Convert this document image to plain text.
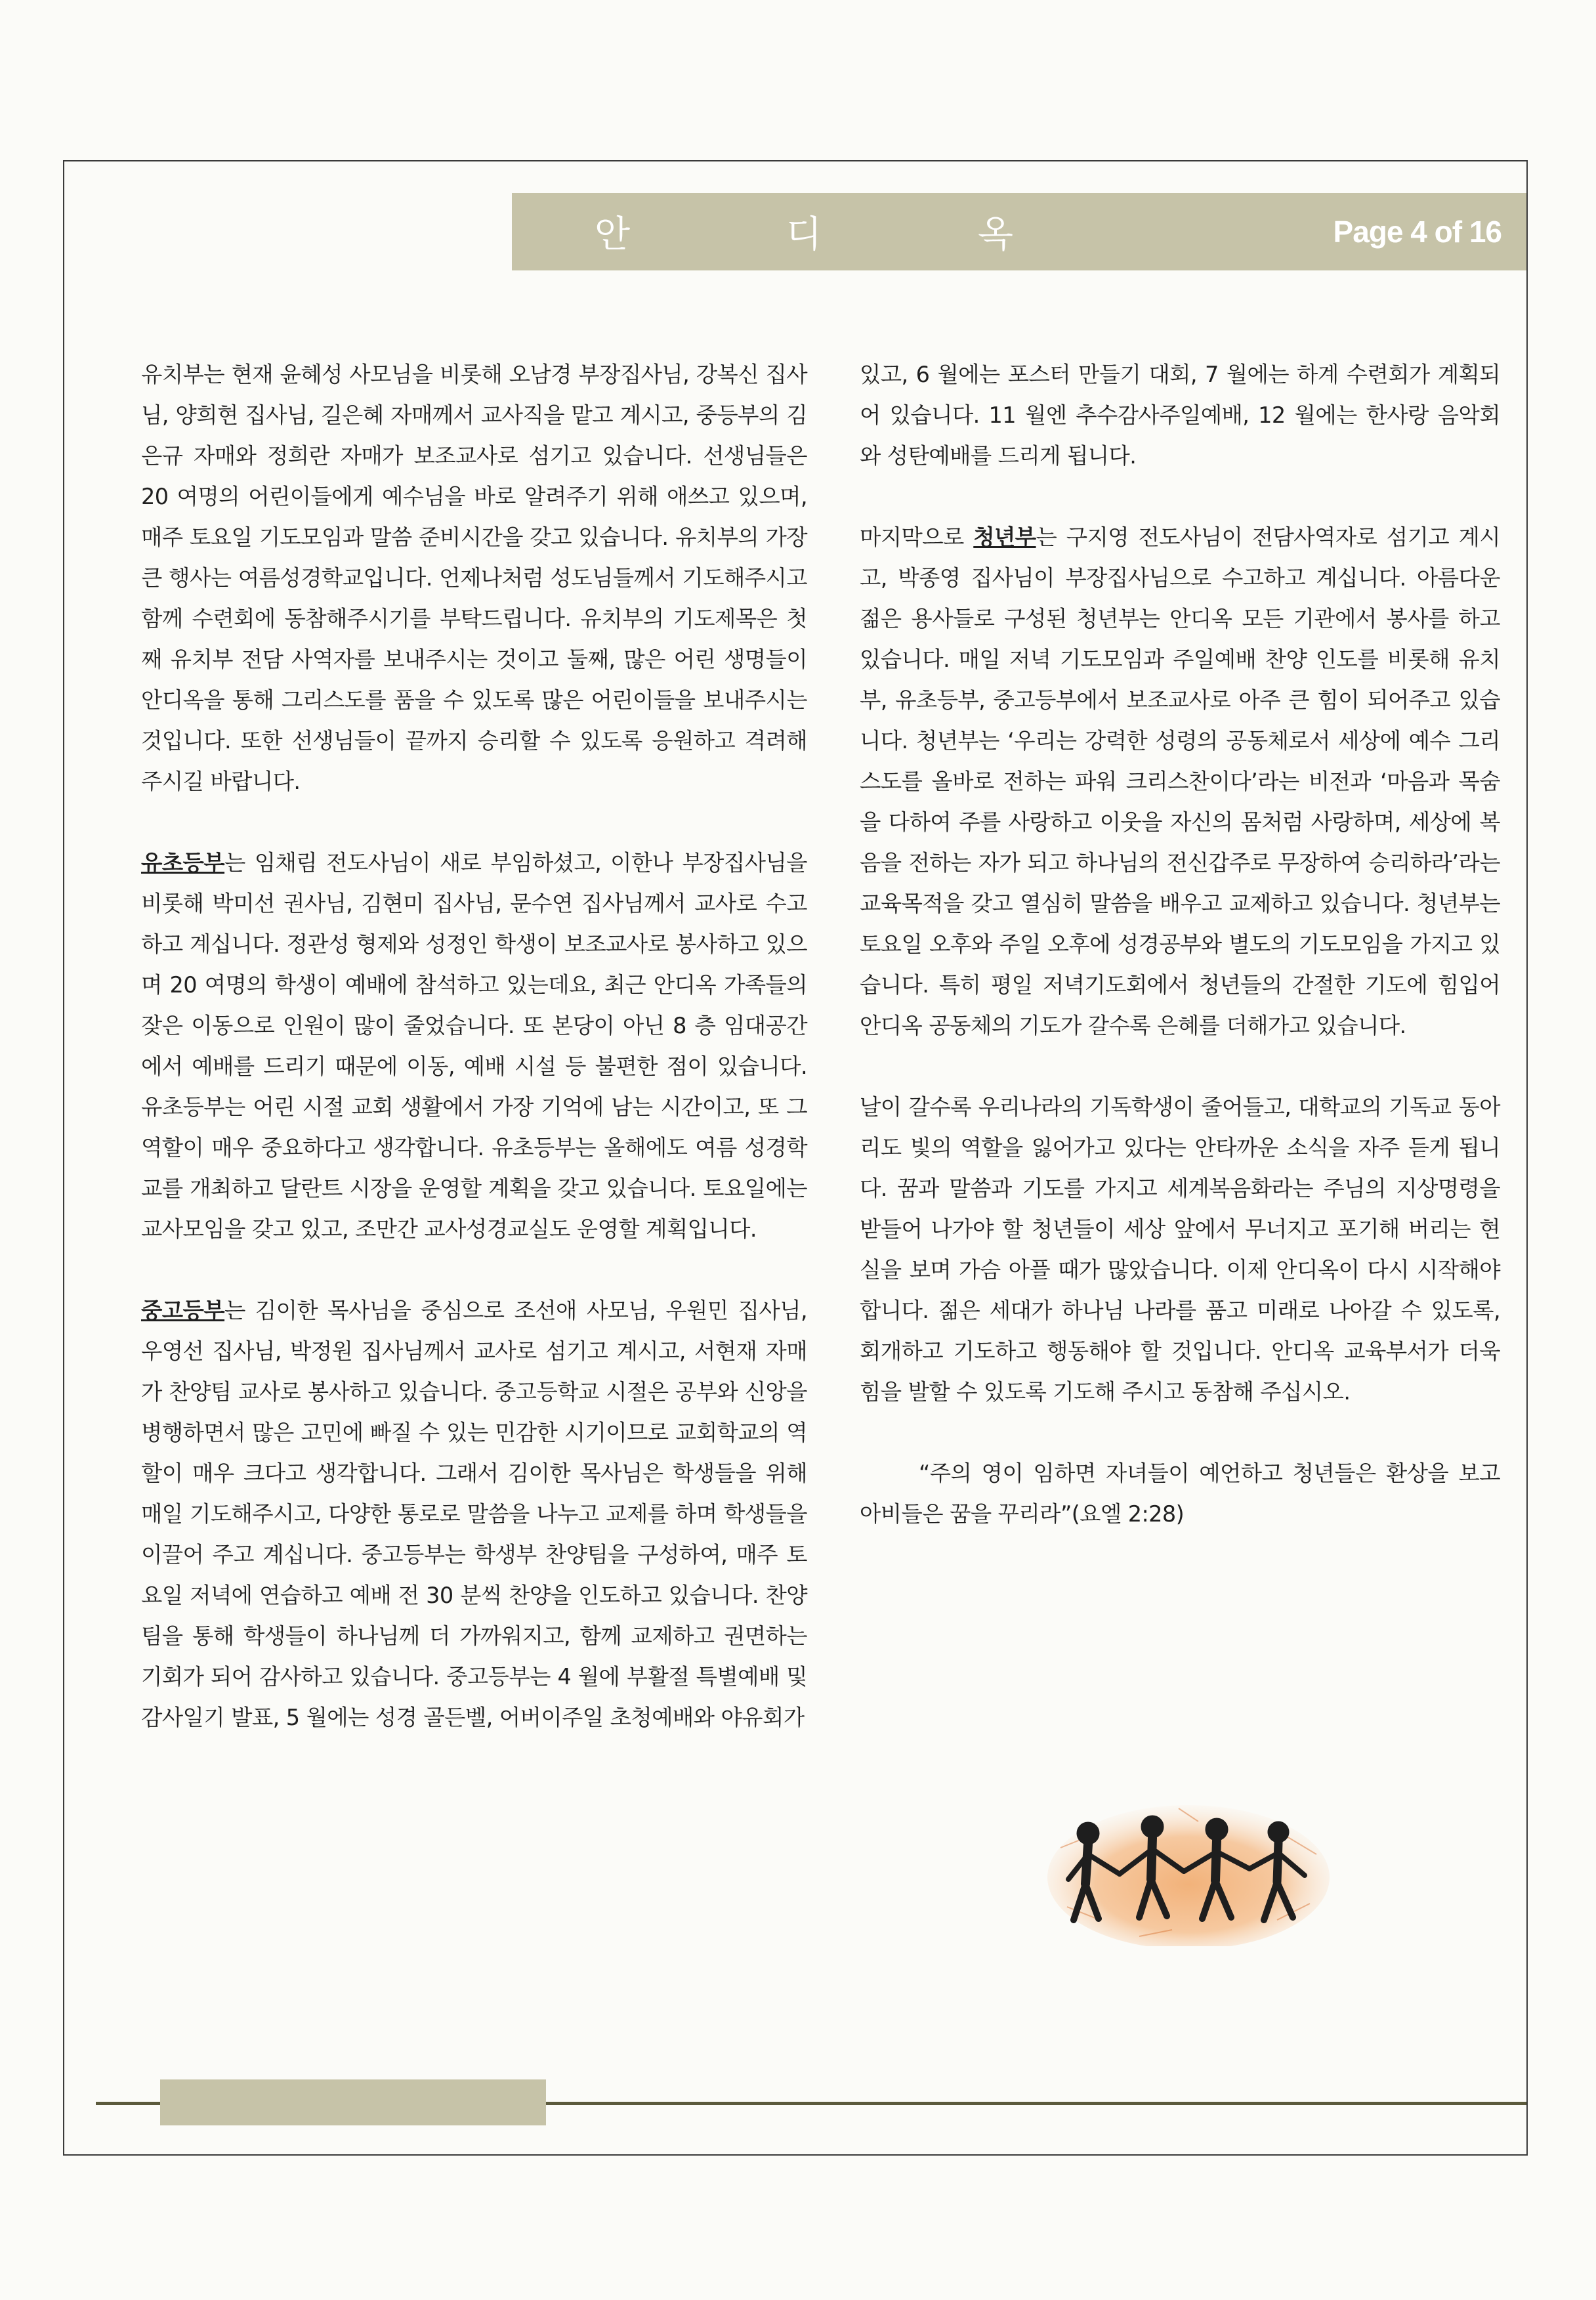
안 디 옥	Page 4 of 16

유치부는 현재 윤혜성 사모님을 비롯해 오남경 부장집사님, 강복신 집사님, 양희현 집사님, 길은혜 자매께서 교사직을 맡고 계시고, 중등부의 김은규 자매와 정희란 자매가 보조교사로 섬기고 있습니다. 선생님들은 20 여명의 어린이들에게 예수님을 바로 알려주기 위해 애쓰고 있으며, 매주 토요일 기도모임과 말씀 준비시간을 갖고 있습니다. 유치부의 가장 큰 행사는 여름성경학교입니다. 언제나처럼 성도님들께서 기도해주시고 함께 수련회에 동참해주시기를 부탁드립니다. 유치부의 기도제목은 첫째 유치부 전담 사역자를 보내주시는 것이고 둘째, 많은 어린 생명들이 안디옥을 통해 그리스도를 품을 수 있도록 많은 어린이들을 보내주시는 것입니다. 또한 선생님들이 끝까지 승리할 수 있도록 응원하고 격려해 주시길 바랍니다.

유초등부는 임채림 전도사님이 새로 부임하셨고, 이한나 부장집사님을 비롯해 박미선 권사님, 김현미 집사님, 문수연 집사님께서 교사로 수고하고 계십니다. 정관성 형제와 성정인 학생이 보조교사로 봉사하고 있으며 20 여명의 학생이 예배에 참석하고 있는데요, 최근 안디옥 가족들의 잦은 이동으로 인원이 많이 줄었습니다. 또 본당이 아닌 8 층 임대공간에서 예배를 드리기 때문에 이동, 예배 시설 등 불편한 점이 있습니다. 유초등부는 어린 시절 교회 생활에서 가장 기억에 남는 시간이고, 또 그 역할이 매우 중요하다고 생각합니다. 유초등부는 올해에도 여름 성경학교를 개최하고 달란트 시장을 운영할 계획을 갖고 있습니다. 토요일에는 교사모임을 갖고 있고, 조만간 교사성경교실도 운영할 계획입니다.

중고등부는 김이한 목사님을 중심으로 조선애 사모님, 우원민 집사님, 우영선 집사님, 박정원 집사님께서 교사로 섬기고 계시고, 서현재 자매가 찬양팀 교사로 봉사하고 있습니다. 중고등학교 시절은 공부와 신앙을 병행하면서 많은 고민에 빠질 수 있는 민감한 시기이므로 교회학교의 역할이 매우 크다고 생각합니다. 그래서 김이한 목사님은 학생들을 위해 매일 기도해주시고, 다양한 통로로 말씀을 나누고 교제를 하며 학생들을 이끌어 주고 계십니다. 중고등부는 학생부 찬양팀을 구성하여, 매주 토요일 저녁에 연습하고 예배 전 30 분씩 찬양을 인도하고 있습니다. 찬양팀을 통해 학생들이 하나님께 더 가까워지고, 함께 교제하고 권면하는 기회가 되어 감사하고 있습니다. 중고등부는 4 월에 부활절 특별예배 및 감사일기 발표, 5 월에는 성경 골든벨, 어버이주일 초청예배와 야유회가

있고, 6 월에는 포스터 만들기 대회, 7 월에는 하계 수련회가 계획되어 있습니다. 11 월엔 추수감사주일예배, 12 월에는 한사랑 음악회와 성탄예배를 드리게 됩니다.

마지막으로 청년부는 구지영 전도사님이 전담사역자로 섬기고 계시고, 박종영 집사님이 부장집사님으로 수고하고 계십니다. 아름다운 젊은 용사들로 구성된 청년부는 안디옥 모든 기관에서 봉사를 하고 있습니다. 매일 저녁 기도모임과 주일예배 찬양 인도를 비롯해 유치부, 유초등부, 중고등부에서 보조교사로 아주 큰 힘이 되어주고 있습니다. 청년부는 ‘우리는 강력한 성령의 공동체로서 세상에 예수 그리스도를 올바로 전하는 파워 크리스찬이다’라는 비전과 ‘마음과 목숨을 다하여 주를 사랑하고 이웃을 자신의 몸처럼 사랑하며, 세상에 복음을 전하는 자가 되고 하나님의 전신갑주로 무장하여 승리하라’라는 교육목적을 갖고 열심히 말씀을 배우고 교제하고 있습니다. 청년부는 토요일 오후와 주일 오후에 성경공부와 별도의 기도모임을 가지고 있습니다. 특히 평일 저녁기도회에서 청년들의 간절한 기도에 힘입어 안디옥 공동체의 기도가 갈수록 은혜를 더해가고 있습니다.

날이 갈수록 우리나라의 기독학생이 줄어들고, 대학교의 기독교 동아리도 빛의 역할을 잃어가고 있다는 안타까운 소식을 자주 듣게 됩니다. 꿈과 말씀과 기도를 가지고 세계복음화라는 주님의 지상명령을 받들어 나가야 할 청년들이 세상 앞에서 무너지고 포기해 버리는 현실을 보며 가슴 아플 때가 많았습니다. 이제 안디옥이 다시 시작해야 합니다. 젊은 세대가 하나님 나라를 품고 미래로 나아갈 수 있도록, 회개하고 기도하고 행동해야 할 것입니다. 안디옥 교육부서가 더욱 힘을 발할 수 있도록 기도해 주시고 동참해 주십시오.

“주의 영이 임하면 자녀들이 예언하고 청년들은 환상을 보고 아비들은 꿈을 꾸리라”(요엘 2:28)
